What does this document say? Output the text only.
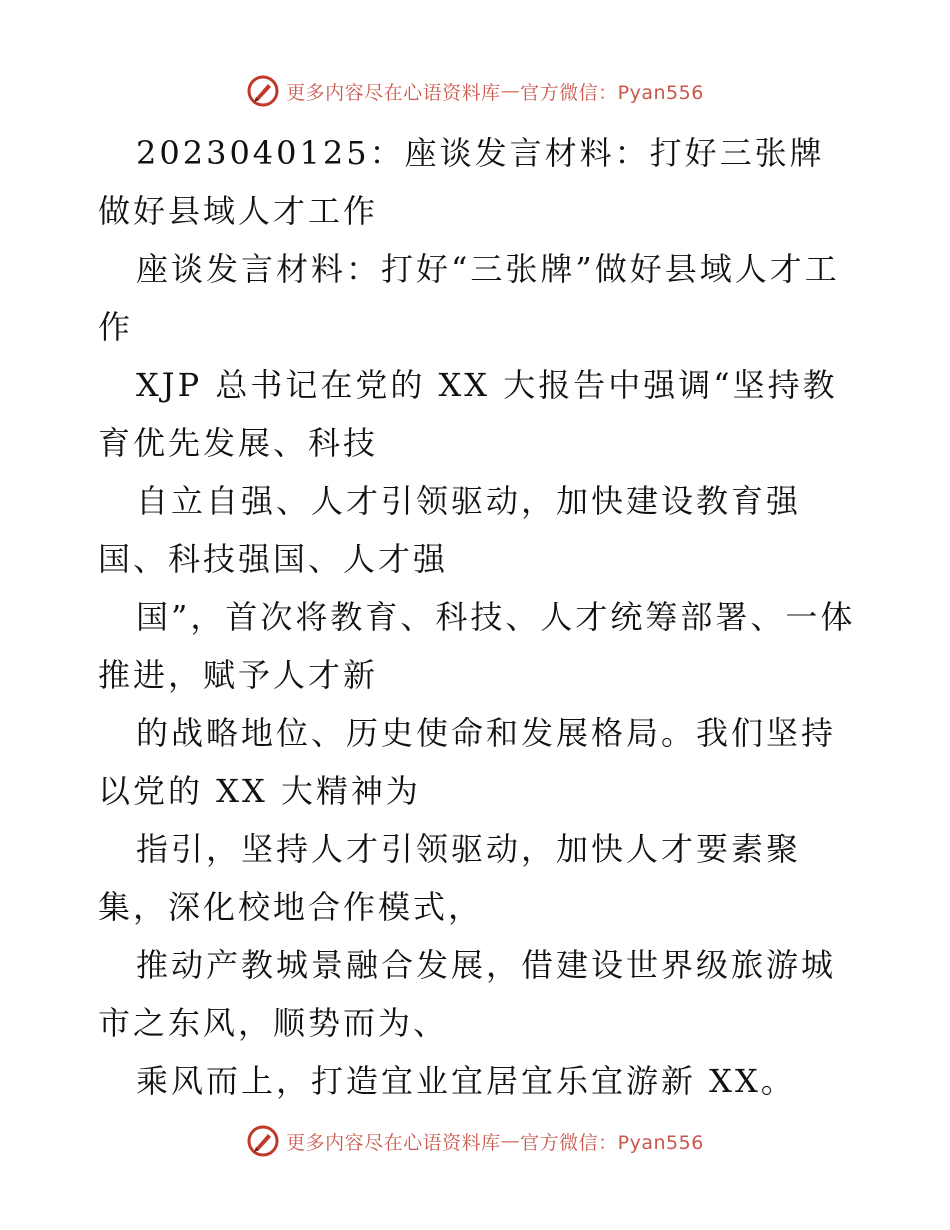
更多内容尽在心语资料库 — 官方微信：Pyan556

2023040125：座谈发言材料：打好三张牌做好县域人才工作

座谈发言材料：打好“三张牌”做好县域人才工作

XJP 总书记在党的 XX 大报告中强调“坚持教育优先发展、科技

自立自强、人才引领驱动，加快建设教育强国、科技强国、人才强

国”，首次将教育、科技、人才统筹部署、一体推进，赋予人才新

的战略地位、历史使命和发展格局。我们坚持以党的 XX 大精神为

指引，坚持人才引领驱动，加快人才要素聚集，深化校地合作模式，

推动产教城景融合发展，借建设世界级旅游城市之东风，顺势而为、

乘风而上，打造宜业宜居宜乐宜游新 XX。

更多内容尽在心语资料库 — 官方微信：Pyan556
